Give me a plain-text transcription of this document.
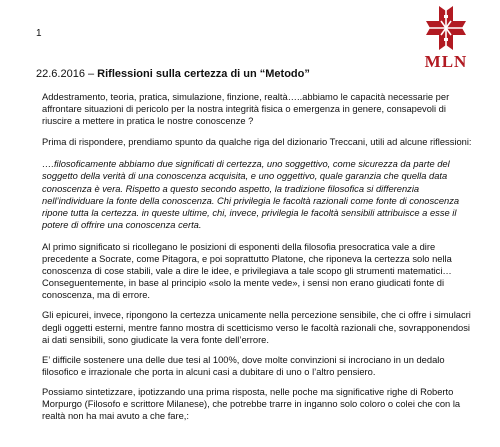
1
MLN
22.6.2016 – Riflessioni sulla certezza di un “Metodo”

Addestramento, teoria, pratica, simulazione, finzione, realtà…..abbiamo le capacità necessarie per affrontare situazioni di pericolo per la nostra integrità fisica o emergenza in genere, consapevoli di riuscire a mettere in pratica le nostre conoscenze ?

Prima di rispondere, prendiamo spunto da qualche riga del dizionario Treccani, utili ad alcune riflessioni:

….filosoficamente abbiamo due significati di certezza, uno soggettivo, come sicurezza da parte del soggetto della verità di una conoscenza acquisita, e uno oggettivo, quale garanzia che quella data conoscenza è vera. Rispetto a questo secondo aspetto, la tradizione filosofica si differenzia nell’individuare la fonte della conoscenza. Chi privilegia le facoltà razionali come fonte di conoscenza ripone tutta la certezza. in queste ultime, chi, invece, privilegia le facoltà sensibili attribuisce a esse il potere di offrire una conoscenza certa.

Al primo significato si ricollegano le posizioni di esponenti della filosofia presocratica vale a dire precedente a Socrate, come Pitagora, e poi soprattutto Platone, che riponeva la certezza solo nella conoscenza di cose stabili, vale a dire le idee, e privilegiava a tale scopo gli strumenti matematici… Conseguentemente, in base al principio «solo la mente vede», i sensi non erano giudicati fonte di conoscenza, ma di errore.

Gli epicurei, invece, ripongono la certezza unicamente nella percezione sensibile, che ci offre i simulacri degli oggetti esterni, mentre fanno mostra di scetticismo verso le facoltà razionali che, sovrapponendosi ai dati sensibili, sono giudicate la vera fonte dell’errore.

E’ difficile sostenere una delle due tesi al 100%, dove molte convinzioni si incrociano in un dedalo filosofico e irrazionale che porta in alcuni casi a dubitare di uno o l’altro pensiero.

Possiamo sintetizzare, ipotizzando una prima risposta, nelle poche ma significative righe di Roberto Morpurgo (Filosofo e scrittore Milanese), che potrebbe trarre in inganno solo coloro o colei che con la realtà non ha mai avuto a che fare,:
